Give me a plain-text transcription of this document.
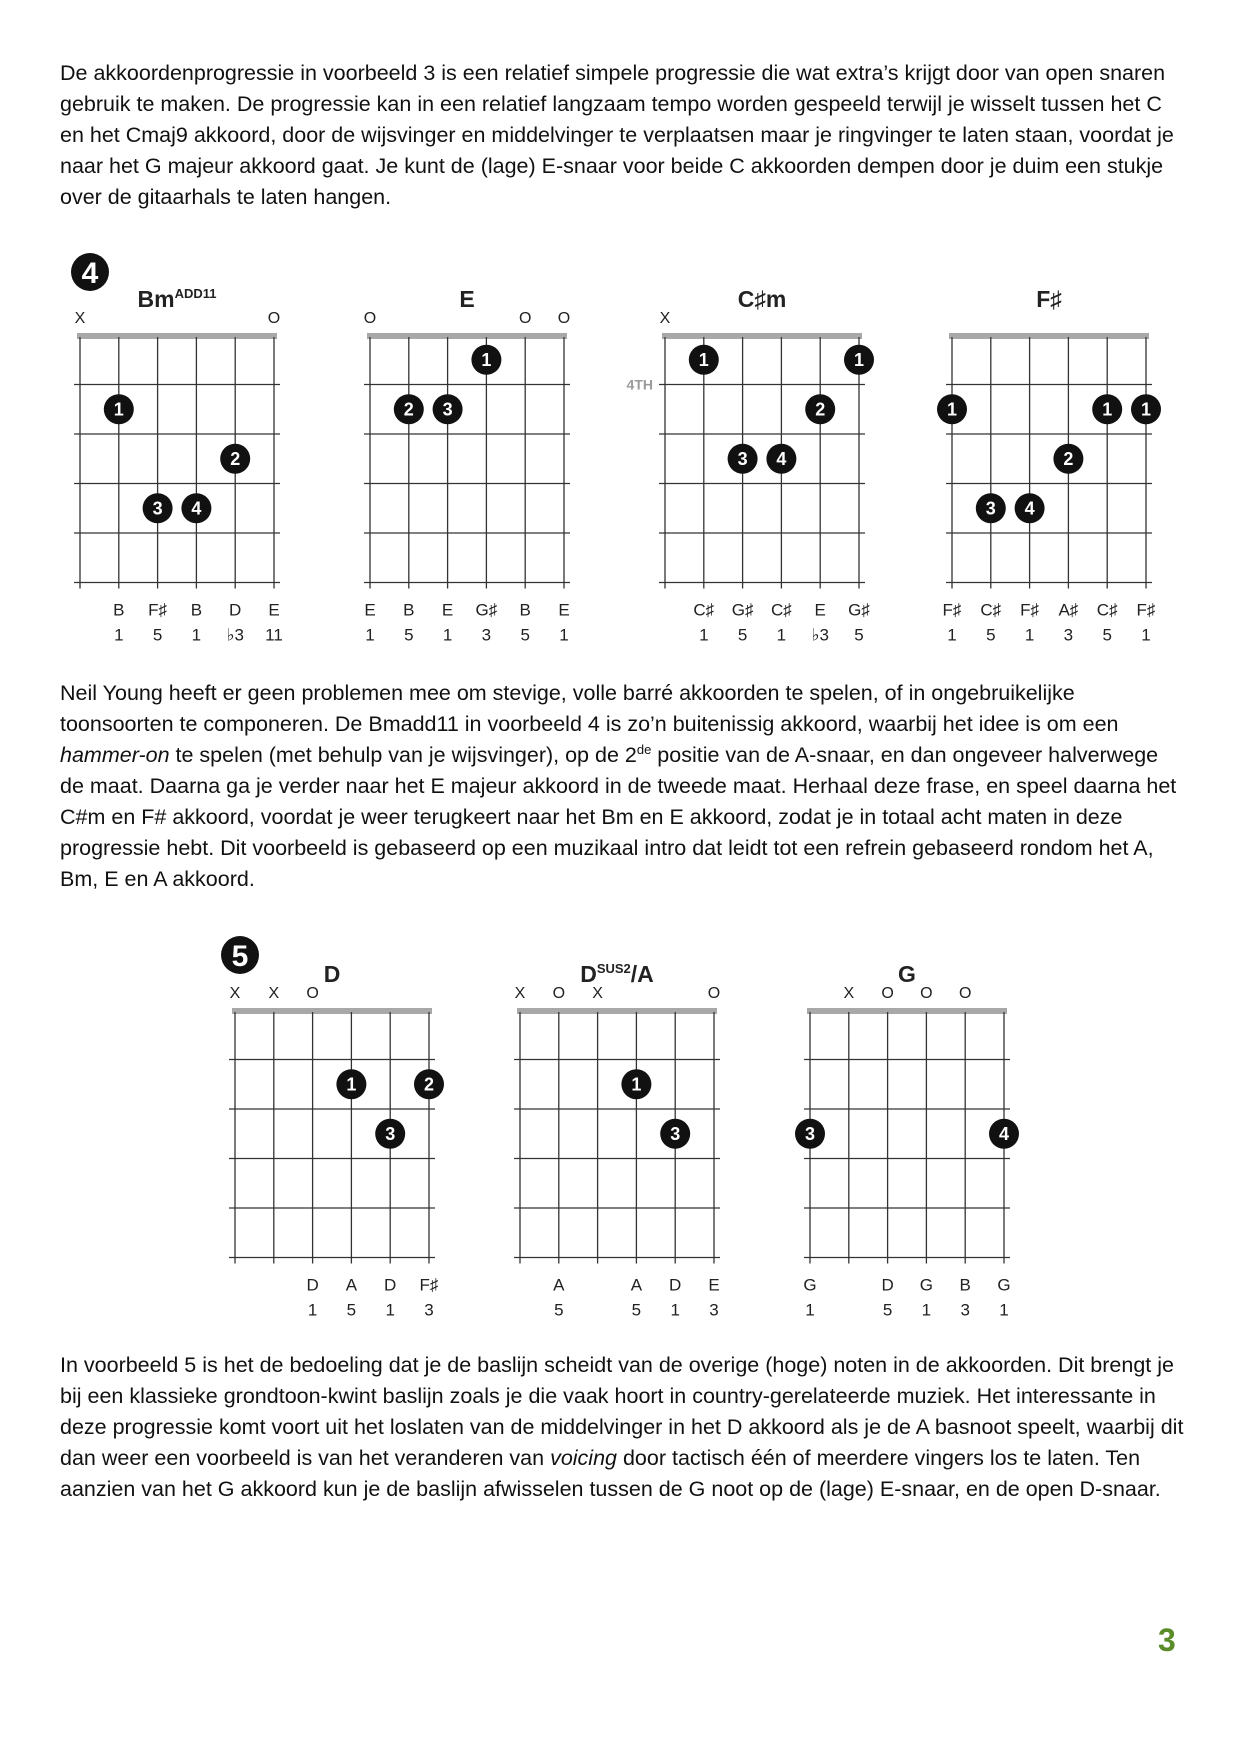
De akkoordenprogressie in voorbeeld 3 is een relatief simpele progressie die wat extra’s krijgt door van open snaren gebruik te maken. De progressie kan in een relatief langzaam tempo worden gespeeld terwijl je wisselt tussen het C en het Cmaj9 akkoord, door de wijsvinger en middelvinger te verplaatsen maar je ringvinger te laten staan, voordat je naar het G majeur akkoord gaat. Je kunt de (lage) E-snaar voor beide C akkoorden dempen door je duim een stukje over de gitaarhals te laten hangen.

4
$Bm^{ADD11}$
X	O
1
3 4
2
B F♯ B D E
1 5 1 ♭3 11
E
O	O O
2 3
1
E B E G♯ B E
1 5 1 3 5 1
C♯m
X
4TH
1	1
2
3 4
C♯ G♯ C♯ E G♯
1 5 1 ♭3 5
F♯
1	1 1
2
3 4
F♯ C♯ F♯ A♯ C♯ F♯
1 5 1 3 5 1

Neil Young heeft er geen problemen mee om stevige, volle barré akkoorden te spelen, of in ongebruikelijke toonsoorten te componeren. De Bmadd11 in voorbeeld 4 is zo’n buitenissig akkoord, waarbij het idee is om een hammer-on te spelen (met behulp van je wijsvinger), op de 2de positie van de A-snaar, en dan ongeveer halverwege de maat. Daarna ga je verder naar het E majeur akkoord in de tweede maat. Herhaal deze frase, en speel daarna het C#m en F# akkoord, voordat je weer terugkeert naar het Bm en E akkoord, zodat je in totaal acht maten in deze progressie hebt. Dit voorbeeld is gebaseerd op een muzikaal intro dat leidt tot een refrein gebaseerd rondom het A, Bm, E en A akkoord.

5
D
X X O
1	2
3
D A D F♯
1 5 1 3
$D^{SUS2}/A$
X O X	O
1
3
A	A D E
5	5 1 3
G
X O O O
3	4
G	D G B G
1	5 1 3 1

In voorbeeld 5 is het de bedoeling dat je de baslijn scheidt van de overige (hoge) noten in de akkoorden. Dit brengt je bij een klassieke grondtoon-kwint baslijn zoals je die vaak hoort in country-gerelateerde muziek. Het interessante in deze progressie komt voort uit het loslaten van de middelvinger in het D akkoord als je de A basnoot speelt, waarbij dit dan weer een voorbeeld is van het veranderen van voicing door tactisch één of meerdere vingers los te laten. Ten aanzien van het G akkoord kun je de baslijn afwisselen tussen de G noot op de (lage) E-snaar, en de open D-snaar.

3
